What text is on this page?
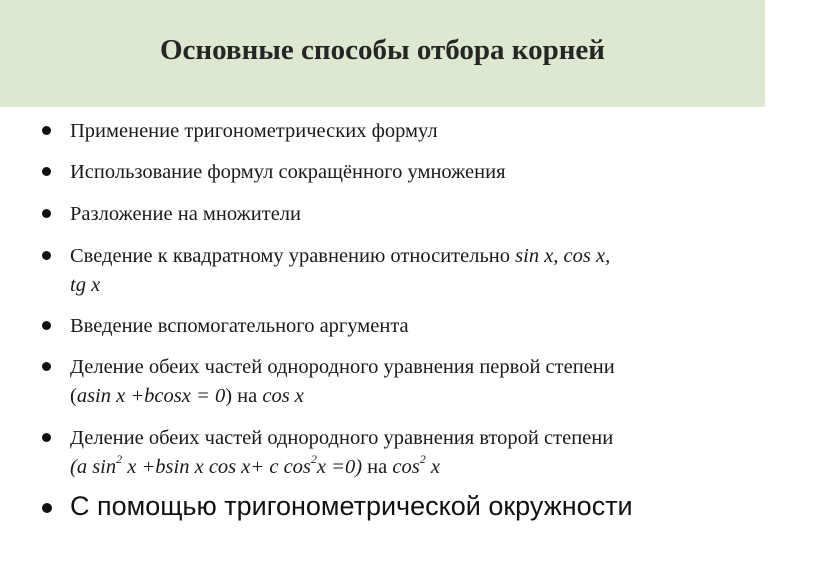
Основные способы отбора корней
Применение тригонометрических формул
Использование формул сокращённого умножения
Разложение на множители
Сведение к квадратному уравнению относительно sin x, cos x,
tg x
Введение вспомогательного аргумента
Деление обеих частей однородного уравнения первой степени
(asin x +bcosx = 0) на cos x
Деление обеих частей однородного уравнения второй степени
(a $\sin^2 x +bsin$ x cos x+ c $\cos^2x =0$) на $\cos^2 x$
С помощью тригонометрической окружности
